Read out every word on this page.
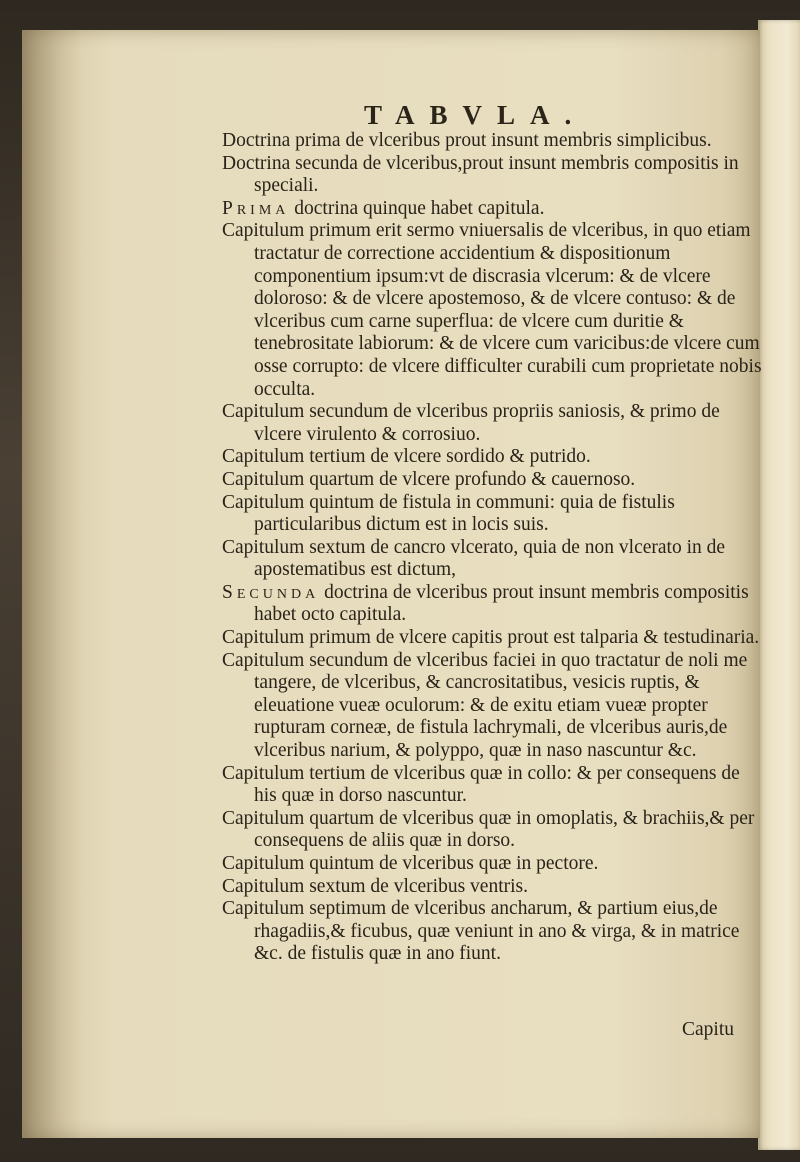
TABVLA.

Doctrina prima de vlceribus prout insunt membris simplicibus.

Doctrina secunda de vlceribus,prout insunt membris compositis in speciali.

Prima doctrina quinque habet capitula.

Capitulum primum erit sermo vniuersalis de vlceribus, in quo etiam tractatur de correctione accidentium & dispositionum componentium ipsum:vt de discrasia vlcerum: & de vlcere doloroso: & de vlcere apostemoso, & de vlcere contuso: & de vlceribus cum carne superflua: de vlcere cum duritie & tenebrositate labiorum: & de vlcere cum varicibus:de vlcere cum osse corrupto: de vlcere difficulter curabili cum proprietate nobis occulta.

Capitulum secundum de vlceribus propriis saniosis, & primo de vlcere virulento & corrosiuo.

Capitulum tertium de vlcere sordido & putrido.

Capitulum quartum de vlcere profundo & cauernoso.

Capitulum quintum de fistula in communi: quia de fistulis particularibus dictum est in locis suis.

Capitulum sextum de cancro vlcerato, quia de non vlcerato in de apostematibus est dictum,

Secunda doctrina de vlceribus prout insunt membris compositis habet octo capitula.

Capitulum primum de vlcere capitis prout est talparia & testudinaria.

Capitulum secundum de vlceribus faciei in quo tractatur de noli me tangere, de vlceribus, & cancrositatibus, vesicis ruptis, & eleuatione vueæ oculorum: & de exitu etiam vueæ propter rupturam corneæ, de fistula lachrymali, de vlceribus auris,de vlceribus narium, & polyppo, quæ in naso nascuntur &c.

Capitulum tertium de vlceribus quæ in collo: & per consequens de his quæ in dorso nascuntur.

Capitulum quartum de vlceribus quæ in omoplatis, & brachiis,& per consequens de aliis quæ in dorso.

Capitulum quintum de vlceribus quæ in pectore.

Capitulum sextum de vlceribus ventris.

Capitulum septimum de vlceribus ancharum, & partium eius,de rhagadiis,& ficubus, quæ veniunt in ano & virga, & in matrice &c. de fistulis quæ in ano fiunt.

Capitu
